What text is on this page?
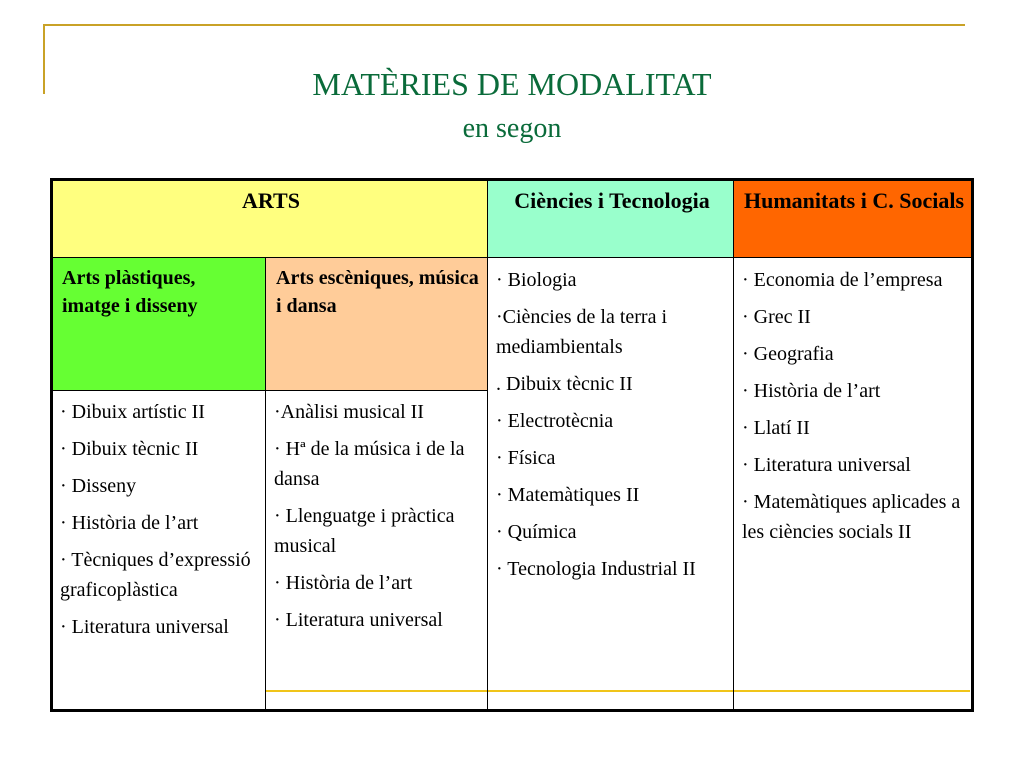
MATÈRIES DE MODALITAT
en segon
ARTS	Ciències i Tecnologia	Humanitats i C. Socials
Arts plàstiques, imatge i disseny
Arts escèniques, música i dansa

· Dibuix artístic II

· Dibuix tècnic II

· Disseny

· Història de l’art

· Tècniques d’expressió graficoplàstica

· Literatura universal

·Anàlisi musical II

· Hª de la música i de la dansa

· Llenguatge i pràctica musical

· Història de l’art

· Literatura universal

· Biologia

·Ciències de la terra i mediambientals

. Dibuix tècnic II

· Electrotècnia

· Física

· Matemàtiques II

· Química

· Tecnologia Industrial II

· Economia de l’empresa

· Grec II

· Geografia

· Història de l’art

· Llatí II

· Literatura universal

· Matemàtiques aplicades a les ciències socials II
